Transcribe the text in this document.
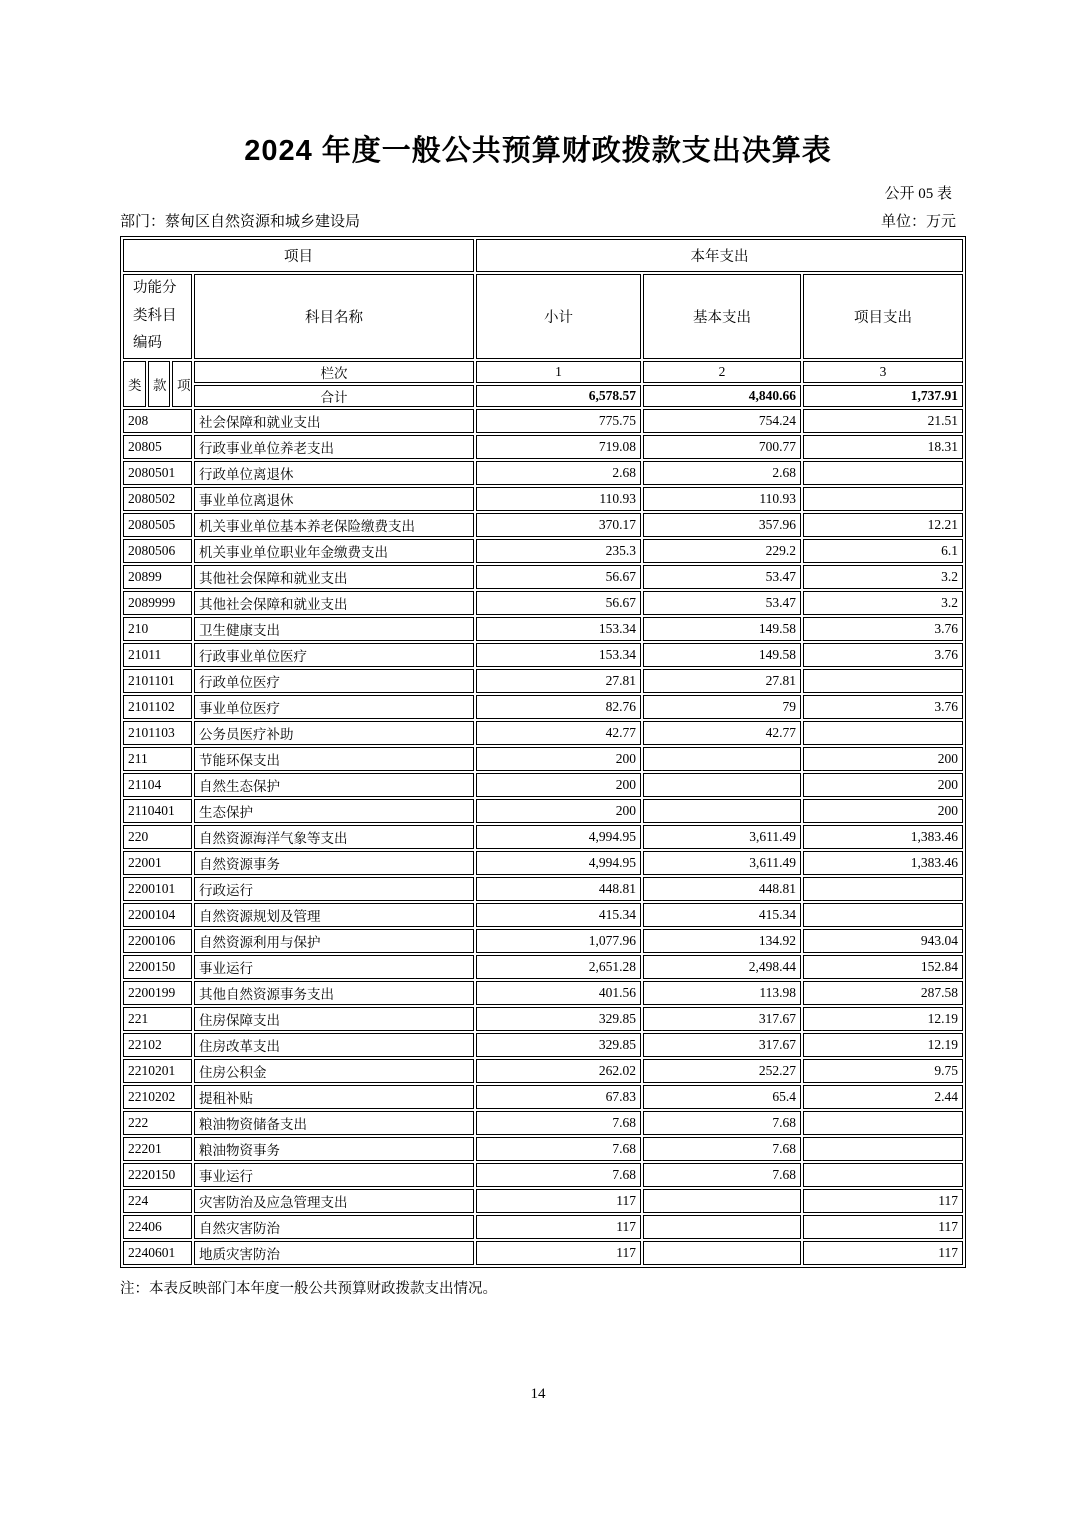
2024 年度一般公共预算财政拨款支出决算表
公开 05 表
部门：蔡甸区自然资源和城乡建设局	单位：万元
项目				本年支出		
功能分
类科目
编码			科目名称	小计	基本支出	项目支出
类	款	项	栏次	1	2	3
			合计	6,578.57	4,840.66	1,737.91
208			社会保障和就业支出	775.75	754.24	21.51
20805			行政事业单位养老支出	719.08	700.77	18.31
2080501			行政单位离退休	2.68	2.68	
2080502			事业单位离退休	110.93	110.93	
2080505			机关事业单位基本养老保险缴费支出	370.17	357.96	12.21
2080506			机关事业单位职业年金缴费支出	235.3	229.2	6.1
20899			其他社会保障和就业支出	56.67	53.47	3.2
2089999			其他社会保障和就业支出	56.67	53.47	3.2
210			卫生健康支出	153.34	149.58	3.76
21011			行政事业单位医疗	153.34	149.58	3.76
2101101			行政单位医疗	27.81	27.81	
2101102			事业单位医疗	82.76	79	3.76
2101103			公务员医疗补助	42.77	42.77	
211			节能环保支出	200		200
21104			自然生态保护	200		200
2110401			生态保护	200		200
220			自然资源海洋气象等支出	4,994.95	3,611.49	1,383.46
22001			自然资源事务	4,994.95	3,611.49	1,383.46
2200101			行政运行	448.81	448.81	
2200104			自然资源规划及管理	415.34	415.34	
2200106			自然资源利用与保护	1,077.96	134.92	943.04
2200150			事业运行	2,651.28	2,498.44	152.84
2200199			其他自然资源事务支出	401.56	113.98	287.58
221			住房保障支出	329.85	317.67	12.19
22102			住房改革支出	329.85	317.67	12.19
2210201			住房公积金	262.02	252.27	9.75
2210202			提租补贴	67.83	65.4	2.44
222			粮油物资储备支出	7.68	7.68	
22201			粮油物资事务	7.68	7.68	
2220150			事业运行	7.68	7.68	
224			灾害防治及应急管理支出	117		117
22406			自然灾害防治	117		117
2240601			地质灾害防治	117		117
注：本表反映部门本年度一般公共预算财政拨款支出情况。
14
